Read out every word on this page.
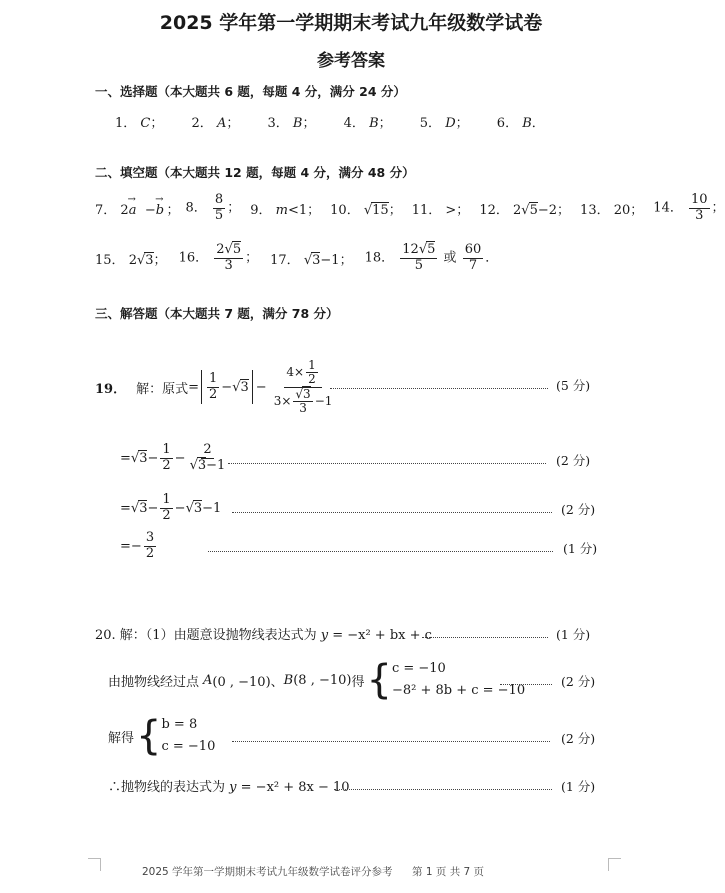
2025 学年第一学期期末考试九年级数学试卷
参考答案
一、选择题（本大题共 6 题，每题 4 分，满分 24 分）
1． C； 2． A； 3． B； 4． B； 5． D； 6． B．
二、填空题（本大题共 12 题，每题 4 分，满分 48 分）
7． 2a→−b→； 8． $\frac{8}{5}$ ； 9． m<1； 10． √15； 11． >； 12． 2√5−2； 13． 20； 14． $\frac{10}{3}$ ；
15． 2√3； 16． $\frac{2√5}{3}$ ； 17． √3−1； 18． $\frac{12√5}{5}$ 或 $\frac{60}{7}$ ．
三、解答题（本大题共 7 题，满分 78 分）
19． 解：原式 = $\frac{1}{2}$ − √ $3 - \frac{4\times \frac{1}{2}}{3\times \frac{√3}{3} -1}$	(5 分)
= √ $3 - \frac{1}{2} - \frac{2}{√3-1}$	(2 分)
= √ $3 - \frac{1}{2}$ − √ 3 −1	(2 分)
= − $\frac{3}{2}$	(1 分)
20. 解：（1）由题意设抛物线表达式为 y = −x² + bx + c	(1 分)
由抛物线经过点 A (0 , −10)、 B (8 , −10) 得 { c = −10
−8² + 8b + c = −10
(2 分)
解得 { b = 8
c = −10
(2 分)
∴抛物线的表达式为 y = −x² + 8x − 10	(1 分)
2025 学年第一学期期末考试九年级数学试卷评分参考 第 1 页 共 7 页
